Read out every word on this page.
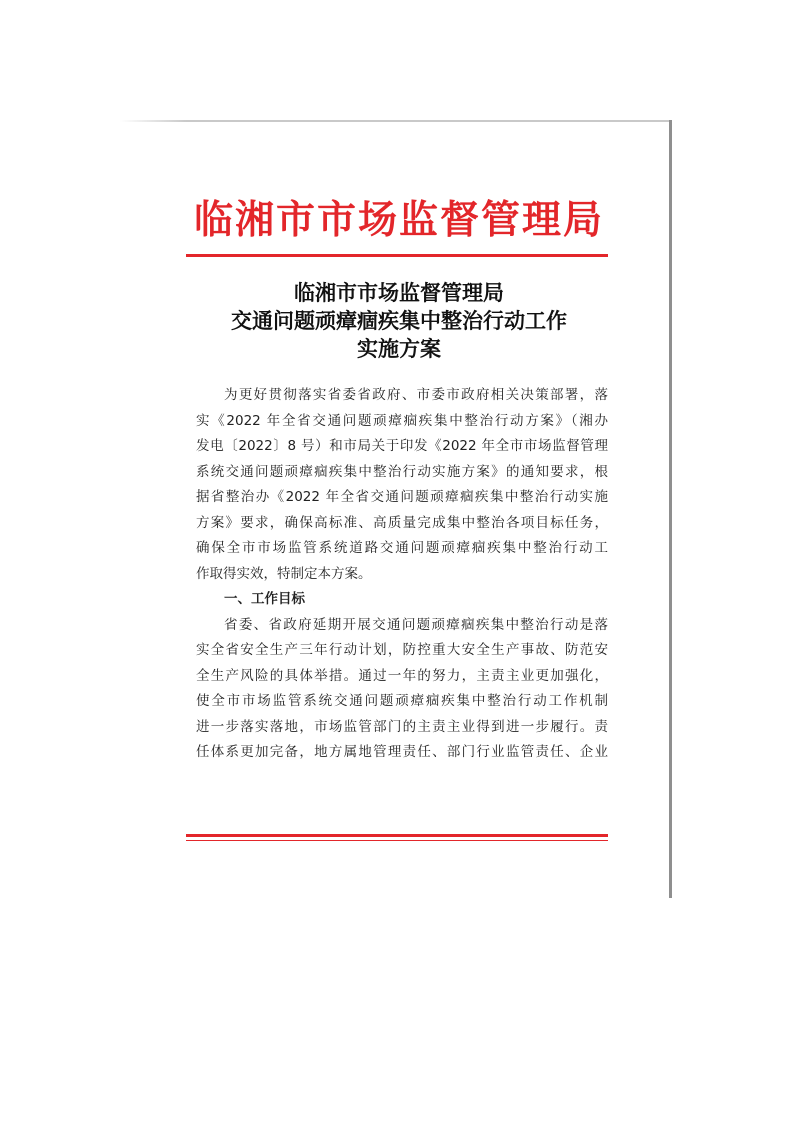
临湘市市场监督管理局
临湘市市场监督管理局
交通问题顽瘴痼疾集中整治行动工作
实施方案
为更好贯彻落实省委省政府、市委市政府相关决策部署，落
实《2022 年全省交通问题顽瘴痼疾集中整治行动方案》（湘办
发电〔2022〕8 号）和市局关于印发《2022 年全市市场监督管理
系统交通问题顽瘴痼疾集中整治行动实施方案》的通知要求，根
据省整治办《2022 年全省交通问题顽瘴痼疾集中整治行动实施
方案》要求，确保高标准、高质量完成集中整治各项目标任务，
确保全市市场监管系统道路交通问题顽瘴痼疾集中整治行动工
作取得实效，特制定本方案。
一、工作目标
省委、省政府延期开展交通问题顽瘴痼疾集中整治行动是落
实全省安全生产三年行动计划，防控重大安全生产事故、防范安
全生产风险的具体举措。通过一年的努力，主责主业更加强化，
使全市市场监管系统交通问题顽瘴痼疾集中整治行动工作机制
进一步落实落地，市场监管部门的主责主业得到进一步履行。责
任体系更加完备，地方属地管理责任、部门行业监管责任、企业
